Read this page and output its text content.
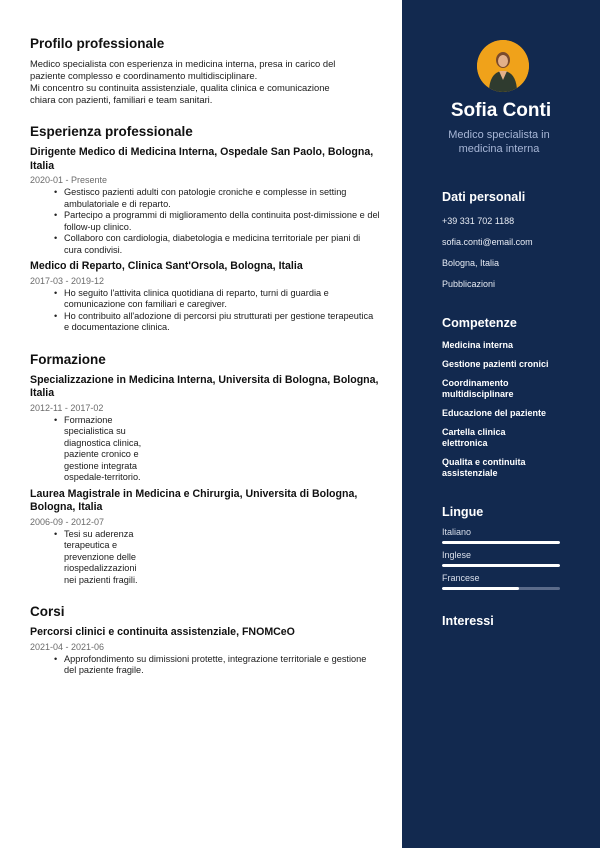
Profilo professionale

Medico specialista con esperienza in medicina interna, presa in carico del

paziente complesso e coordinamento multidisciplinare.

Mi concentro su continuita assistenziale, qualita clinica e comunicazione

chiara con pazienti, familiari e team sanitari.

Esperienza professionale
Dirigente Medico di Medicina Interna, Ospedale San Paolo, Bologna, Italia
2020-01 - Presente
• Gestisco pazienti adulti con patologie croniche e complesse in setting ambulatoriale e di reparto.
• Partecipo a programmi di miglioramento della continuita post-dimissione e del follow-up clinico.
• Collaboro con cardiologia, diabetologia e medicina territoriale per piani di cura condivisi.
Medico di Reparto, Clinica Sant'Orsola, Bologna, Italia
2017-03 - 2019-12
• Ho seguito l'attivita clinica quotidiana di reparto, turni di guardia e comunicazione con familiari e caregiver.
• Ho contribuito all'adozione di percorsi piu strutturati per gestione terapeutica e documentazione clinica.
Formazione
Specializzazione in Medicina Interna, Universita di Bologna, Bologna, Italia
2012-11 - 2017-02
• Formazione specialistica su diagnostica clinica, paziente cronico e gestione integrata ospedale-territorio.
Laurea Magistrale in Medicina e Chirurgia, Universita di Bologna, Bologna, Italia
2006-09 - 2012-07
• Tesi su aderenza terapeutica e prevenzione delle riospedalizzazioni nei pazienti fragili.
Corsi
Percorsi clinici e continuita assistenziale, FNOMCeO
2021-04 - 2021-06
• Approfondimento su dimissioni protette, integrazione territoriale e gestione del paziente fragile.
Sofia Conti
Medico specialista in medicina interna
Dati personali
+39 331 702 1188
sofia.conti@email.com
Bologna, Italia
Pubblicazioni
Competenze
Medicina interna
Gestione pazienti cronici
Coordinamento multidisciplinare
Educazione del paziente
Cartella clinica elettronica
Qualita e continuita assistenziale
Lingue
Italiano
Inglese
Francese
Interessi
